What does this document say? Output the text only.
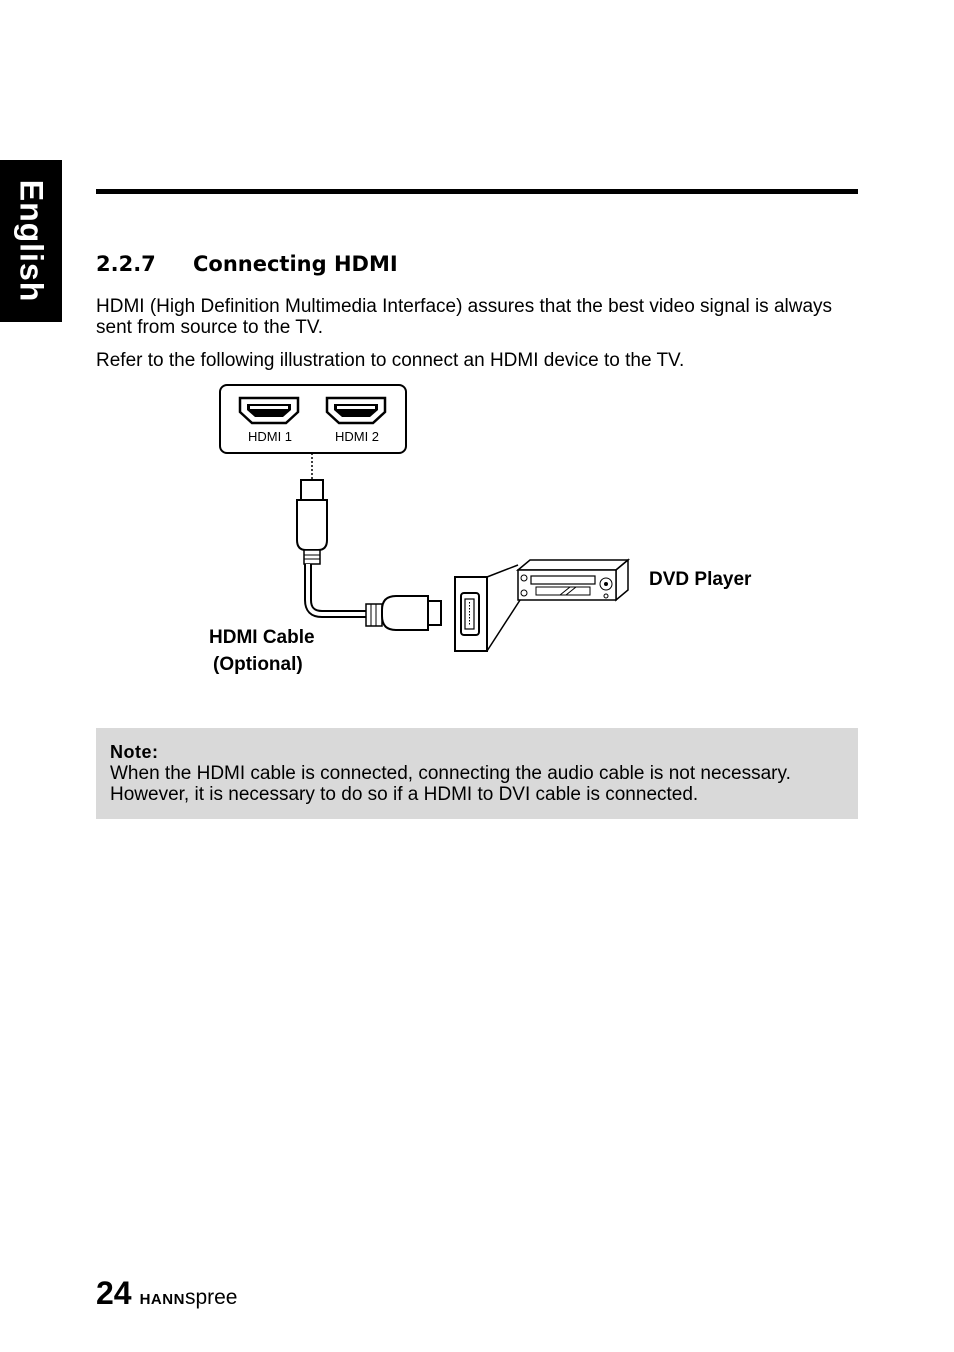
English 2.2.7 Connecting HDMI

HDMI (High Definition Multimedia Interface) assures that the best video signal is always sent from source to the TV.

Refer to the following illustration to connect an HDMI device to the TV.

HDMI 1	HDMI 2
DVD Player
HDMI Cable
(Optional)
Note:
When the HDMI cable is connected, connecting the audio cable is not necessary. However, it is necessary to do so if a HDMI to DVI cable is connected.
24 HANNspree
